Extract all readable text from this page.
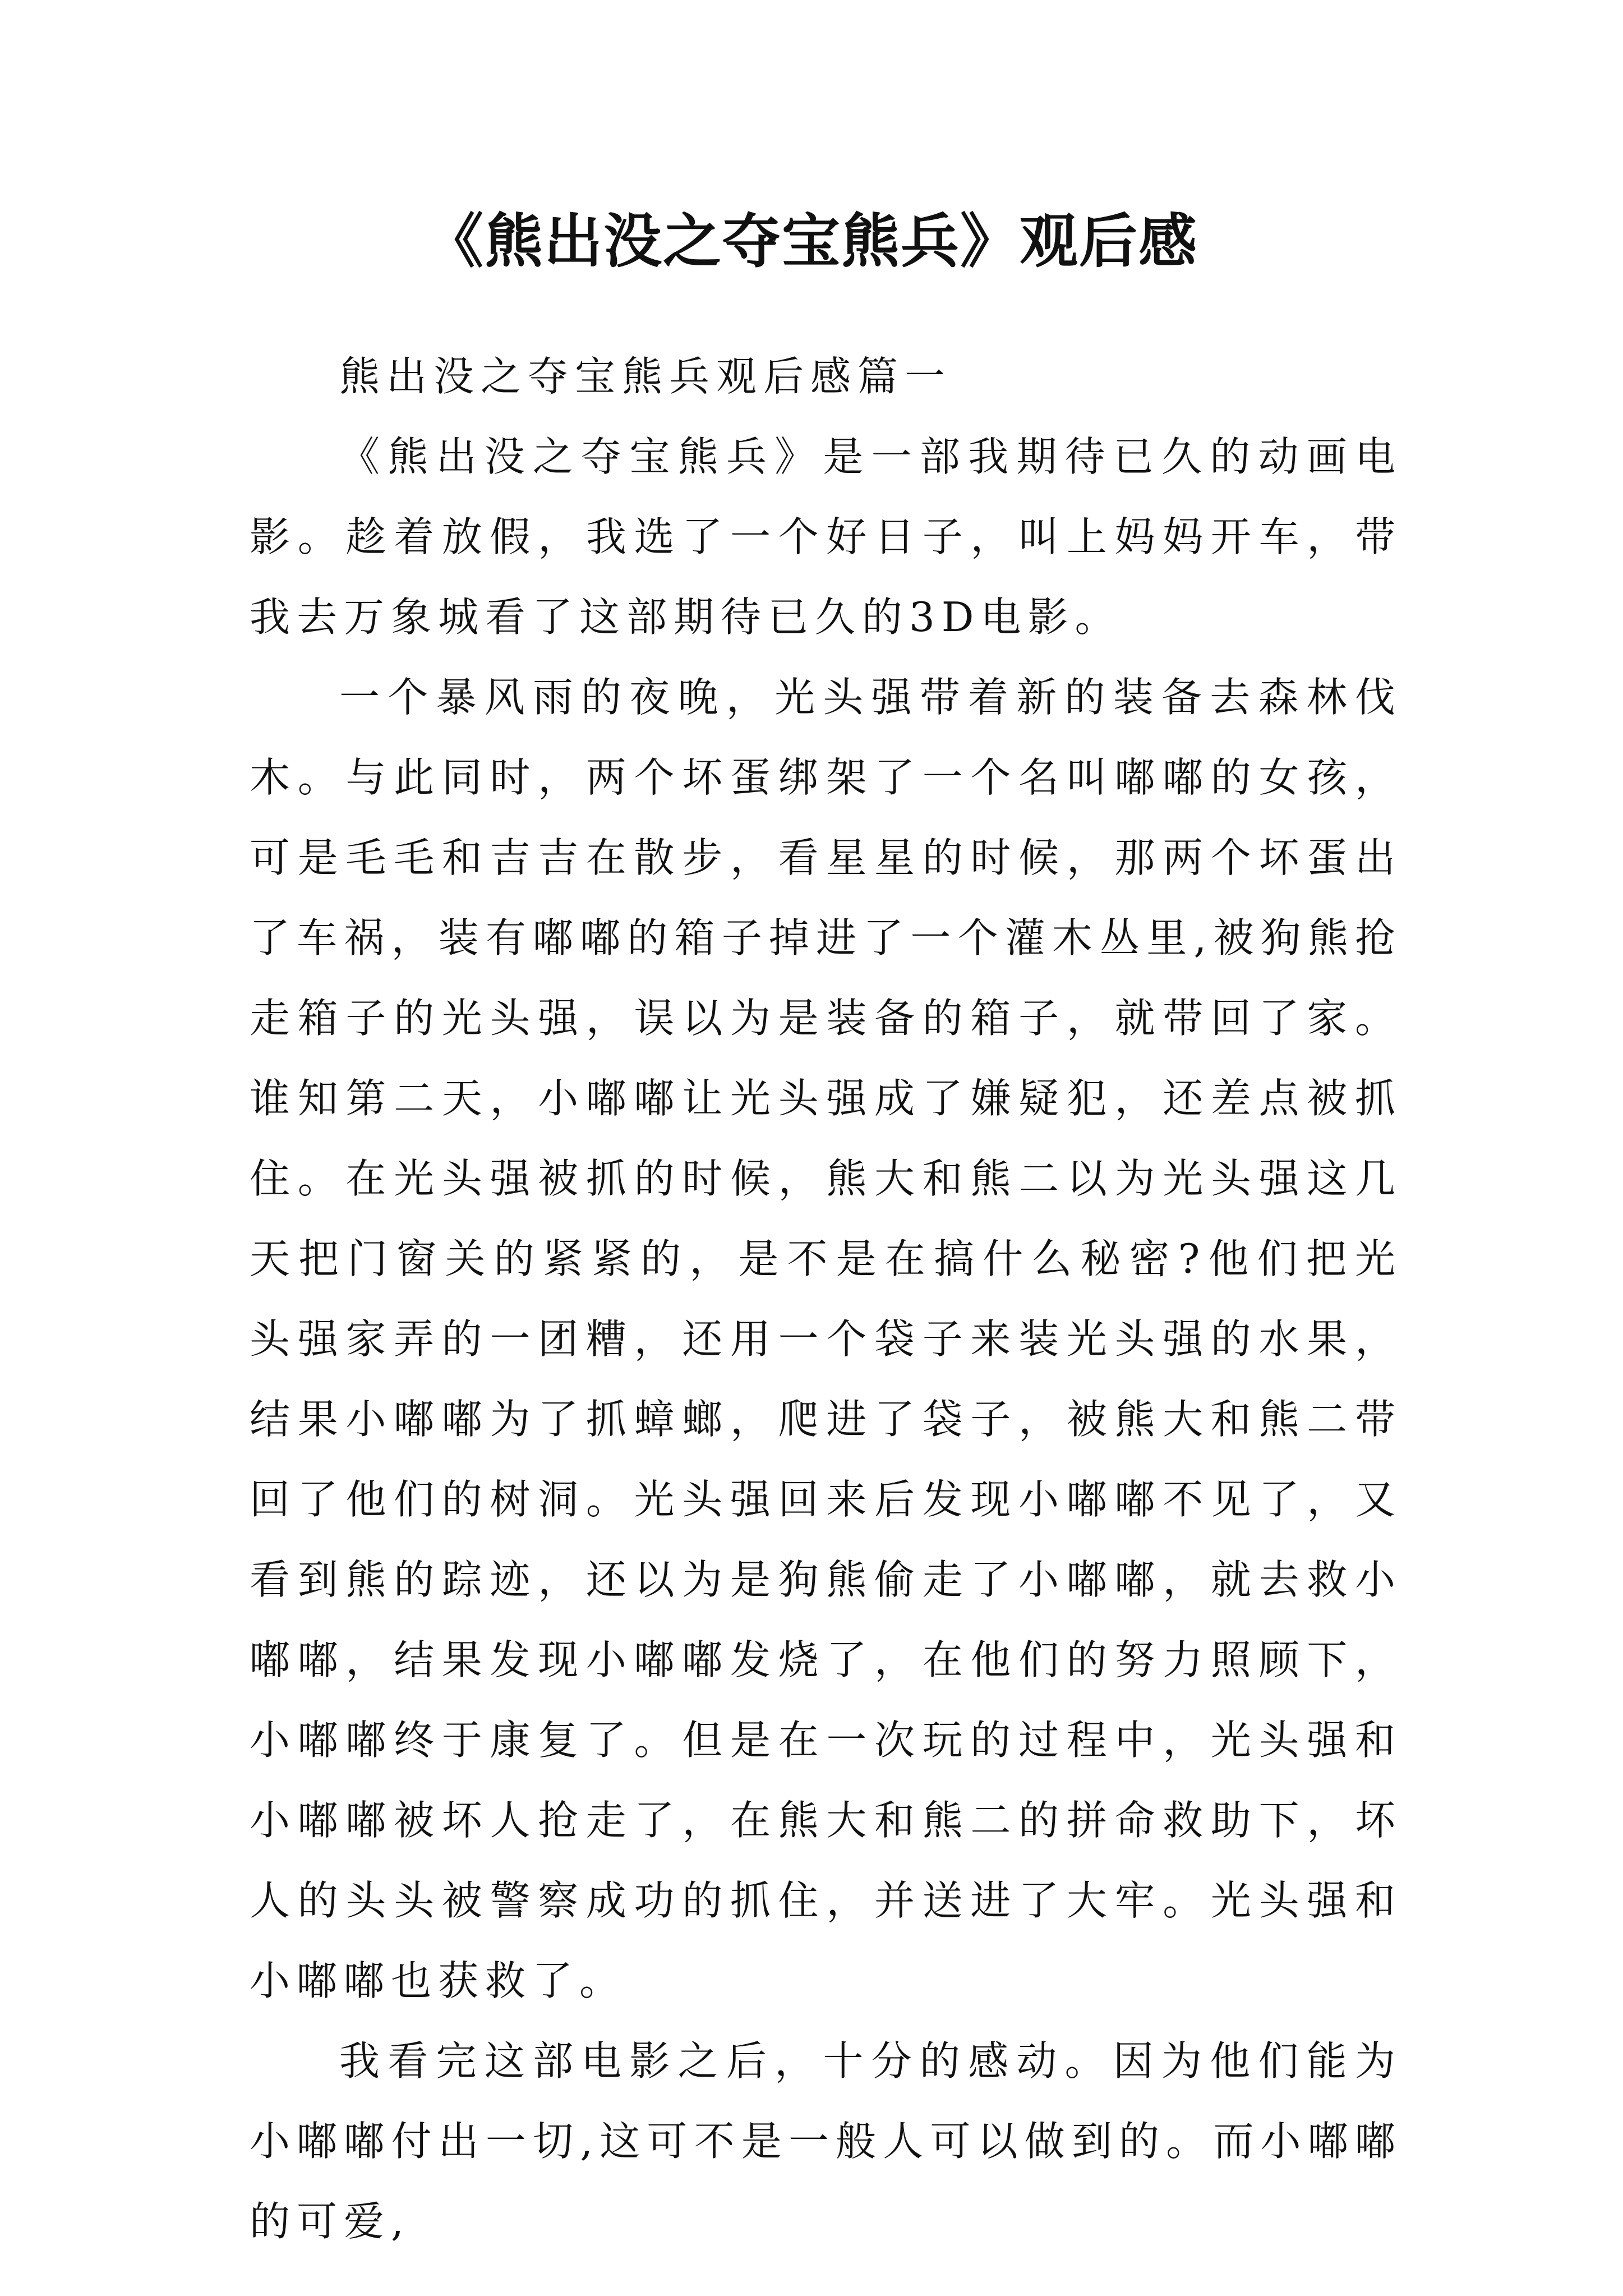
《熊出没之夺宝熊兵》观后感

熊出没之夺宝熊兵观后感篇一

《熊出没之夺宝熊兵》是一部我期待已久的动画电影。趁着放假，我选了一个好日子，叫上妈妈开车，带我去万象城看了这部期待已久的3D电影。

一个暴风雨的夜晚，光头强带着新的装备去森林伐木。与此同时，两个坏蛋绑架了一个名叫嘟嘟的女孩，可是毛毛和吉吉在散步，看星星的时候，那两个坏蛋出了车祸，装有嘟嘟的箱子掉进了一个灌木丛里,被狗熊抢走箱子的光头强，误以为是装备的箱子，就带回了家。谁知第二天，小嘟嘟让光头强成了嫌疑犯，还差点被抓住。在光头强被抓的时候，熊大和熊二以为光头强这几天把门窗关的紧紧的，是不是在搞什么秘密?他们把光头强家弄的一团糟，还用一个袋子来装光头强的水果，结果小嘟嘟为了抓蟑螂，爬进了袋子，被熊大和熊二带回了他们的树洞。光头强回来后发现小嘟嘟不见了，又看到熊的踪迹，还以为是狗熊偷走了小嘟嘟，就去救小嘟嘟，结果发现小嘟嘟发烧了，在他们的努力照顾下，小嘟嘟终于康复了。但是在一次玩的过程中，光头强和小嘟嘟被坏人抢走了，在熊大和熊二的拼命救助下，坏人的头头被警察成功的抓住，并送进了大牢。光头强和小嘟嘟也获救了。

我看完这部电影之后，十分的感动。因为他们能为小嘟嘟付出一切,这可不是一般人可以做到的。而小嘟嘟的可爱,
